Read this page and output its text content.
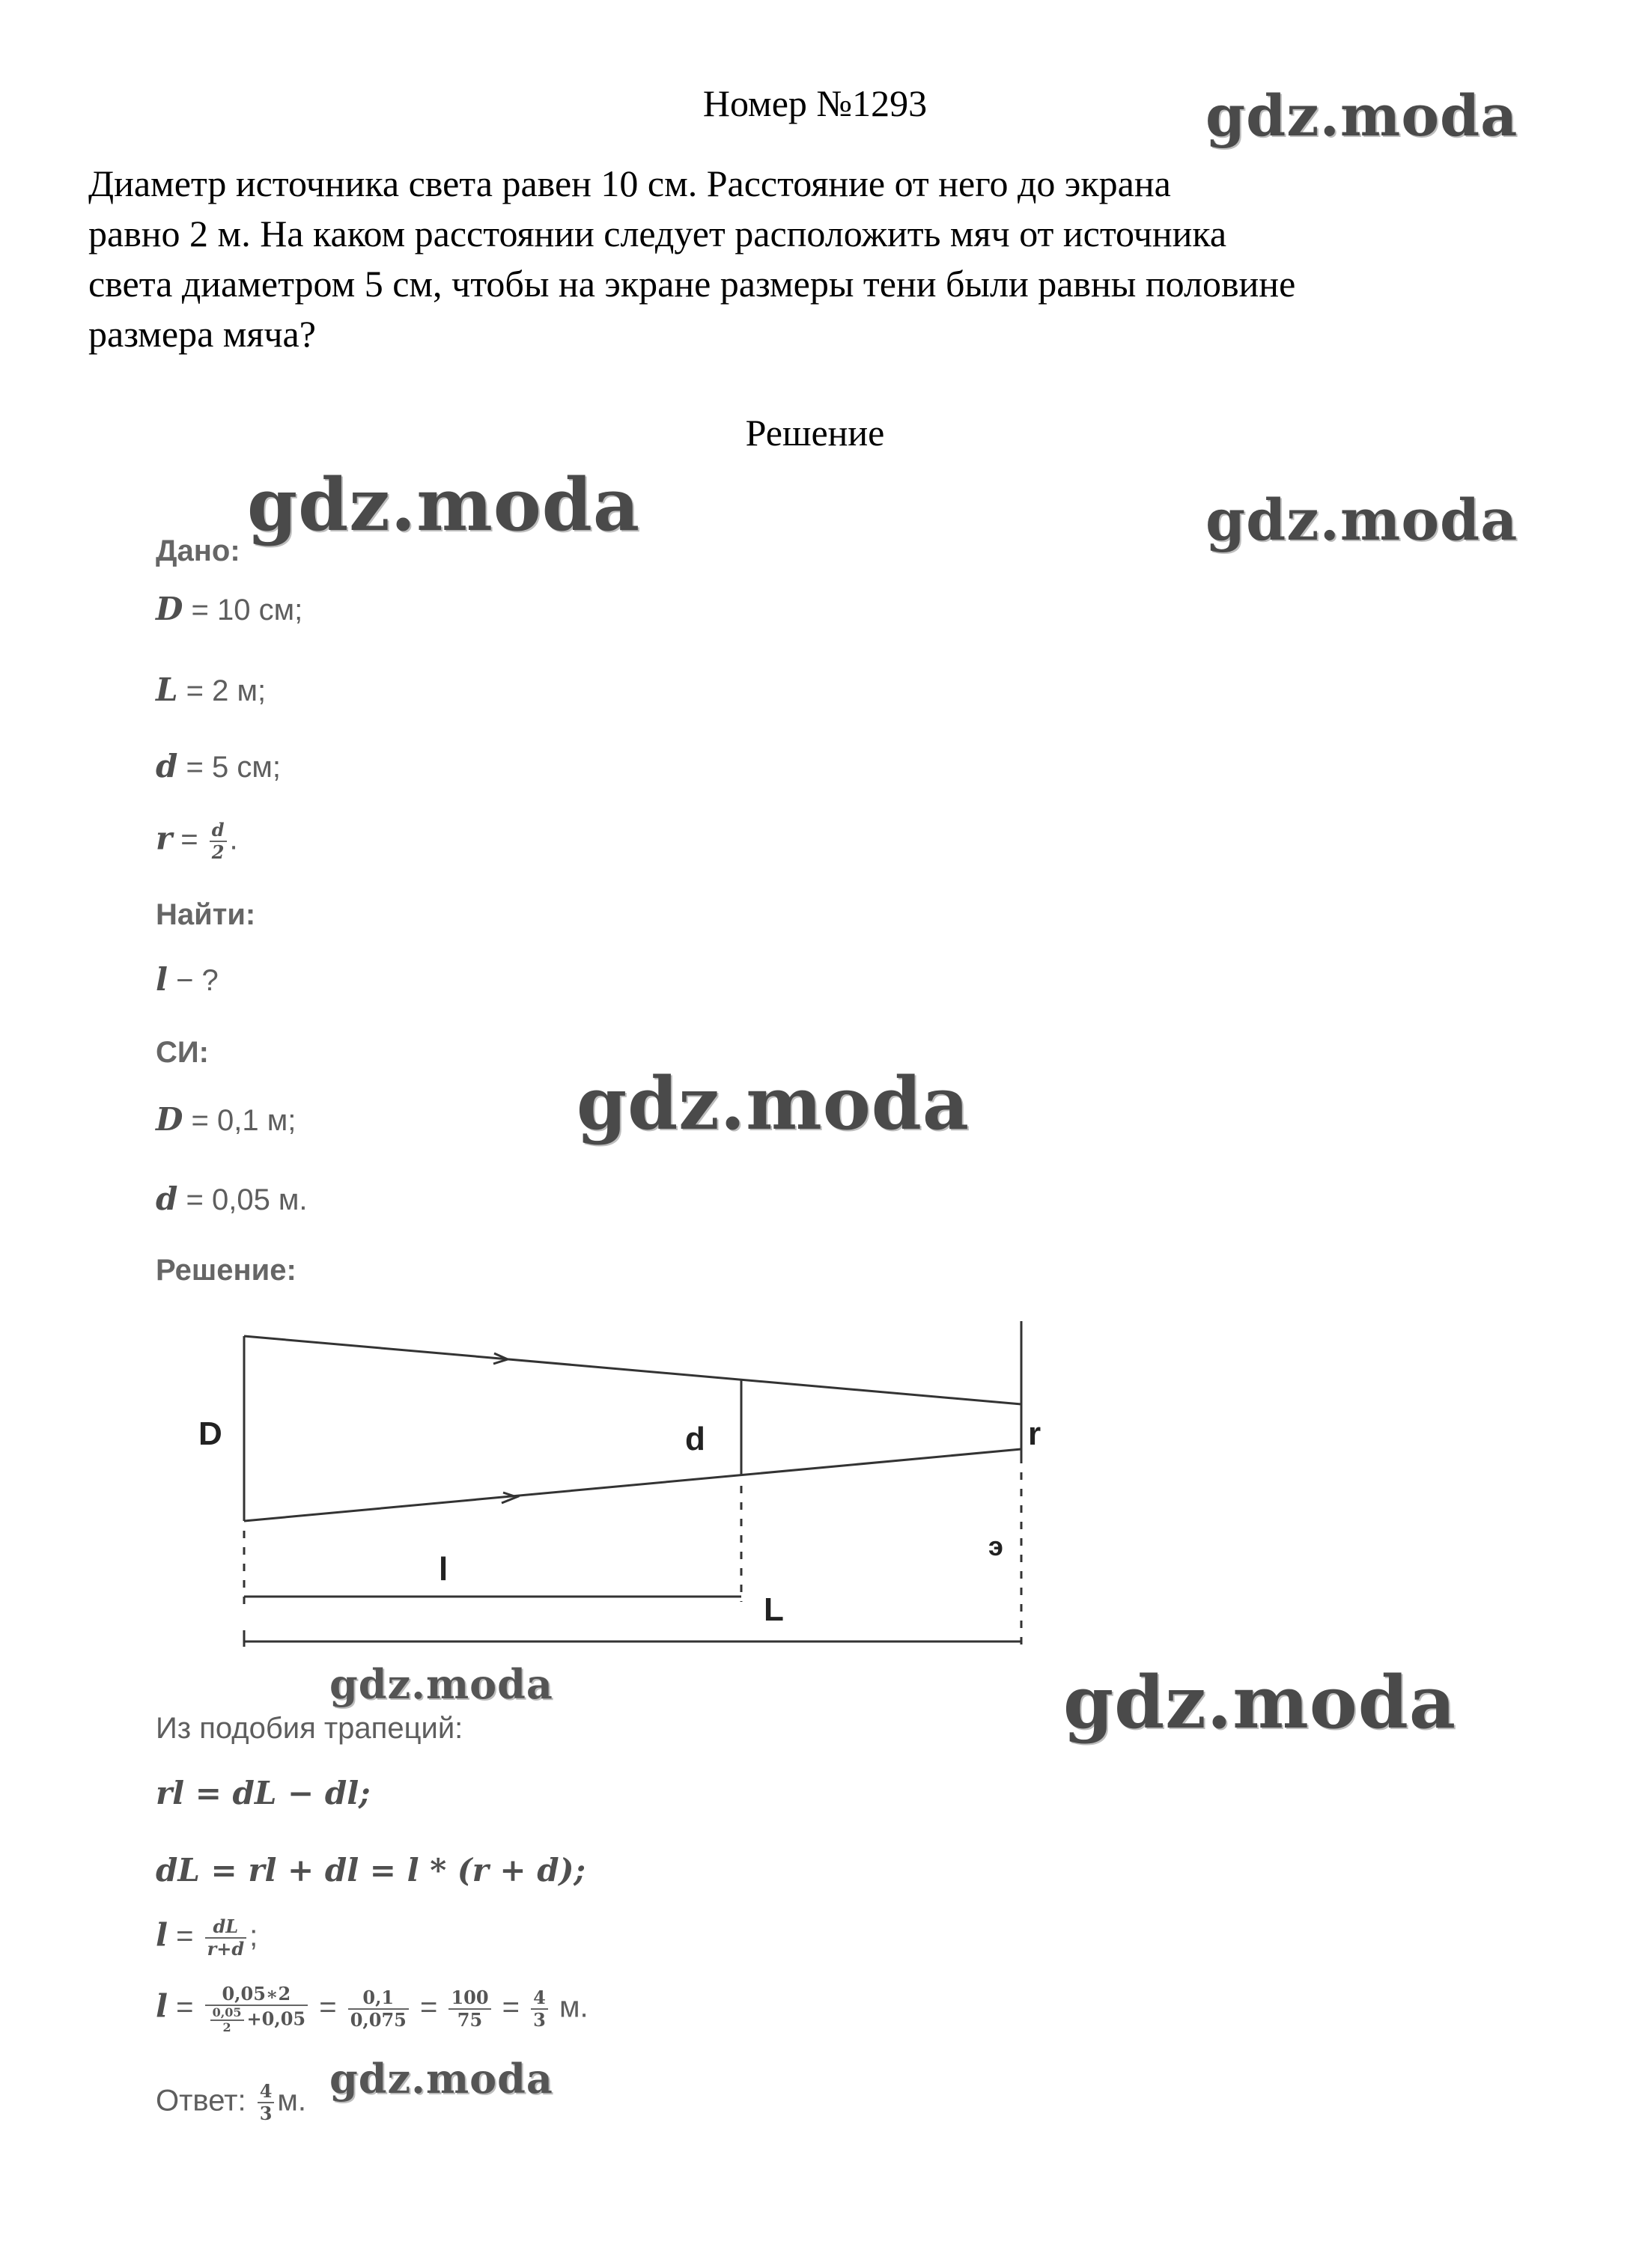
Номер №1293
Диаметр источника света равен 10 см. Расстояние от него до экрана
равно 2 м. На каком расстоянии следует расположить мяч от источника
света диаметром 5 см, чтобы на экране размеры тени были равны половине
размера мяча?
Решение
gdz.moda
gdz.moda	gdz.moda
gdz.moda
gdz.moda	gdz.moda
gdz.moda
Дано:
D = 10 см;
L = 2 м;
d = 5 см;
$r = \frac{d}{2}$ .
Найти:
l − ?
СИ:
D = 0,1 м;
d = 0,05 м.
Решение:
D	d	r
э
l
L
Из подобия трапеций:
rl = dL − dl;
dL = rl + dl = l * (r + d);
$l = \frac{dL}{r+d}$ ;
$l = \frac{0,05∗2}{\frac{0,05}{2} +0,05} = \frac{0,1}{0,075} = \frac{100}{75} = \frac{4}{3} м$.
Ответ: $\frac{4}{3} м$.
